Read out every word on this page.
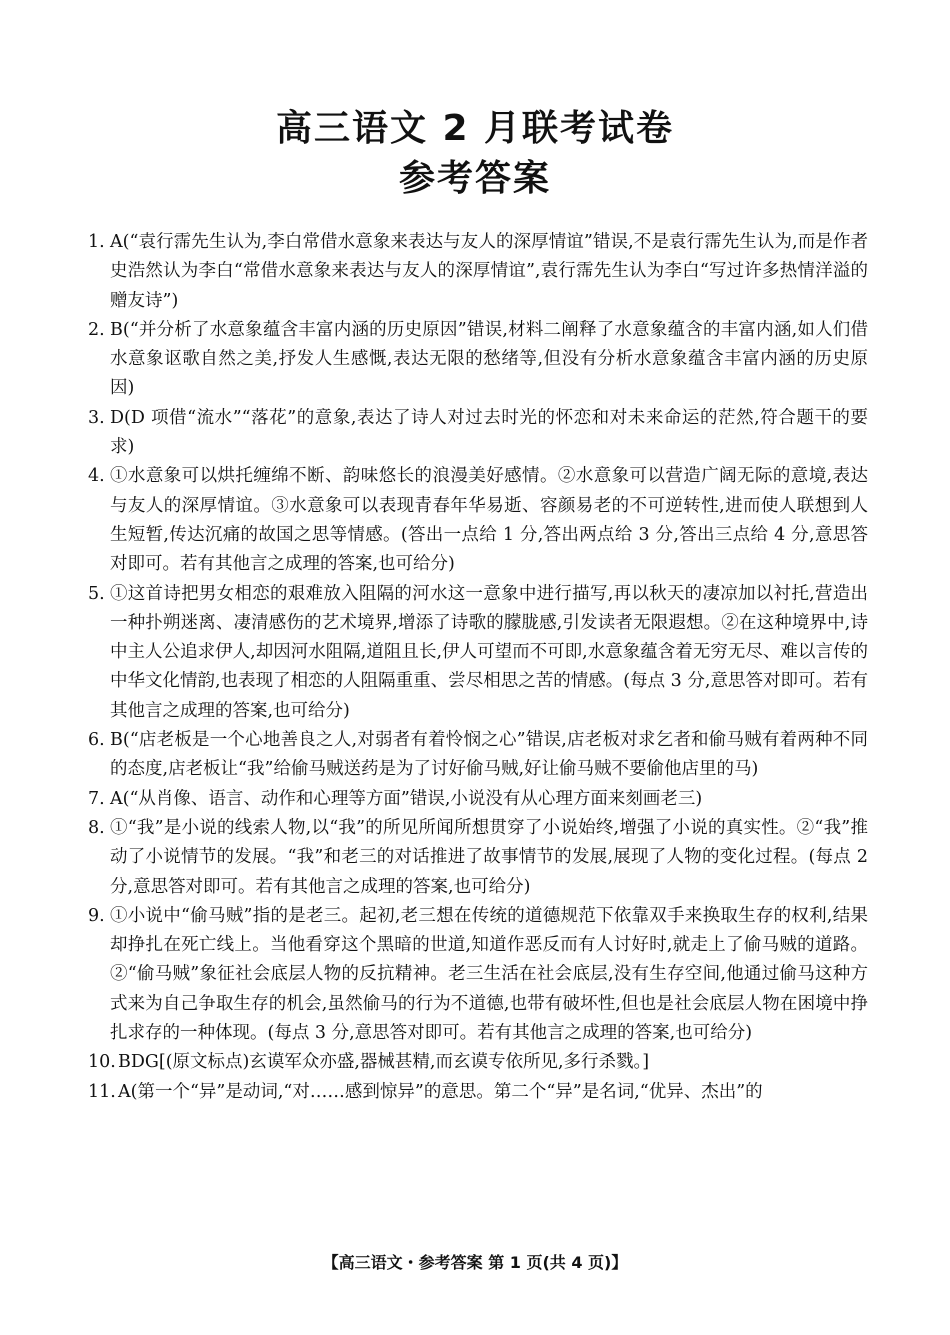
高三语文 2 月联考试卷
参考答案
1. A(“袁行霈先生认为,李白常借水意象来表达与友人的深厚情谊”错误,不是袁行霈先生认为,而是作者史浩然认为李白“常借水意象来表达与友人的深厚情谊”,袁行霈先生认为李白“写过许多热情洋溢的赠友诗”)
2. B(“并分析了水意象蕴含丰富内涵的历史原因”错误,材料二阐释了水意象蕴含的丰富内涵,如人们借水意象讴歌自然之美,抒发人生感慨,表达无限的愁绪等,但没有分析水意象蕴含丰富内涵的历史原因)
3. D(D 项借“流水”“落花”的意象,表达了诗人对过去时光的怀恋和对未来命运的茫然,符合题干的要求)
4. ①水意象可以烘托缠绵不断、韵味悠长的浪漫美好感情。②水意象可以营造广阔无际的意境,表达与友人的深厚情谊。③水意象可以表现青春年华易逝、容颜易老的不可逆转性,进而使人联想到人生短暂,传达沉痛的故国之思等情感。(答出一点给 1 分,答出两点给 3 分,答出三点给 4 分,意思答对即可。若有其他言之成理的答案,也可给分)
5. ①这首诗把男女相恋的艰难放入阻隔的河水这一意象中进行描写,再以秋天的凄凉加以衬托,营造出一种扑朔迷离、凄清感伤的艺术境界,增添了诗歌的朦胧感,引发读者无限遐想。②在这种境界中,诗中主人公追求伊人,却因河水阻隔,道阻且长,伊人可望而不可即,水意象蕴含着无穷无尽、难以言传的中华文化情韵,也表现了相恋的人阻隔重重、尝尽相思之苦的情感。(每点 3 分,意思答对即可。若有其他言之成理的答案,也可给分)
6. B(“店老板是一个心地善良之人,对弱者有着怜悯之心”错误,店老板对求乞者和偷马贼有着两种不同的态度,店老板让“我”给偷马贼送药是为了讨好偷马贼,好让偷马贼不要偷他店里的马)
7. A(“从肖像、语言、动作和心理等方面”错误,小说没有从心理方面来刻画老三)
8. ①“我”是小说的线索人物,以“我”的所见所闻所想贯穿了小说始终,增强了小说的真实性。②“我”推动了小说情节的发展。“我”和老三的对话推进了故事情节的发展,展现了人物的变化过程。(每点 2 分,意思答对即可。若有其他言之成理的答案,也可给分)
9. ①小说中“偷马贼”指的是老三。起初,老三想在传统的道德规范下依靠双手来换取生存的权利,结果却挣扎在死亡线上。当他看穿这个黑暗的世道,知道作恶反而有人讨好时,就走上了偷马贼的道路。②“偷马贼”象征社会底层人物的反抗精神。老三生活在社会底层,没有生存空间,他通过偷马这种方式来为自己争取生存的机会,虽然偷马的行为不道德,也带有破坏性,但也是社会底层人物在困境中挣扎求存的一种体现。(每点 3 分,意思答对即可。若有其他言之成理的答案,也可给分)
10. BDG[(原文标点)玄谟军众亦盛,器械甚精,而玄谟专依所见,多行杀戮。]
11. A(第一个“异”是动词,“对……感到惊异”的意思。第二个“异”是名词,“优异、杰出”的
【高三语文・参考答案 第 1 页(共 4 页)】
